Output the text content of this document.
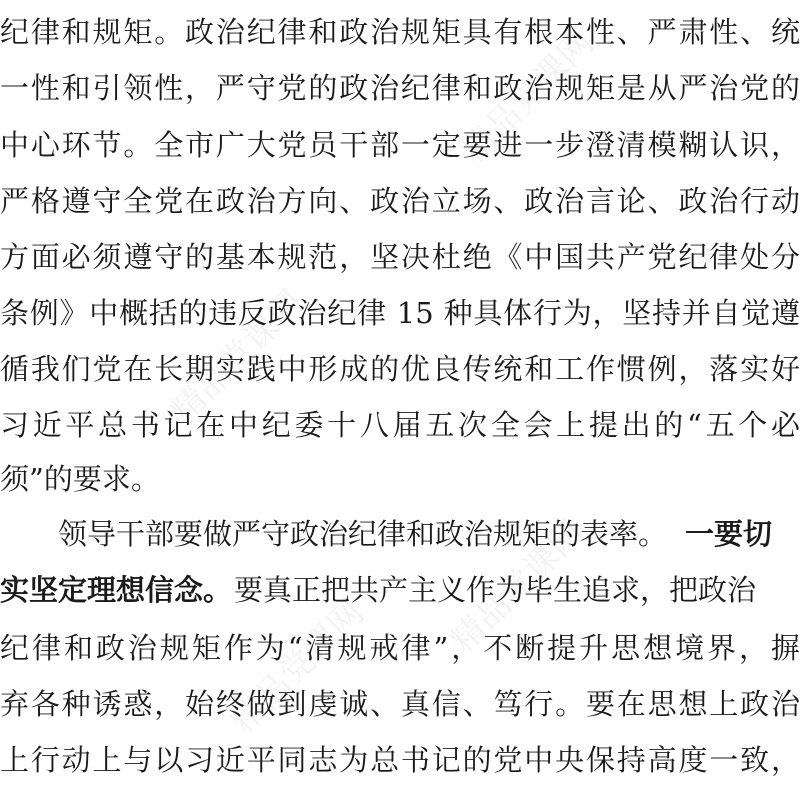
精品党课网
精品党课网
精品党课网
精品党课网
纪律和规矩。政治纪律和政治规矩具有根本性、严肃性、统
一性和引领性，严守党的政治纪律和政治规矩是从严治党的
中心环节。全市广大党员干部一定要进一步澄清模糊认识，
严格遵守全党在政治方向、政治立场、政治言论、政治行动
方面必须遵守的基本规范，坚决杜绝《中国共产党纪律处分
条例》中概括的违反政治纪律 15 种具体行为，坚持并自觉遵
循我们党在长期实践中形成的优良传统和工作惯例，落实好
习近平总书记在中纪委十八届五次全会上提出的“五个必
须”的要求。
领导干部要做严守政治纪律和政治规矩的表率。 一要切
实坚定理想信念。 要真正把共产主义作为毕生追求，把政治
纪律和政治规矩作为“清规戒律”，不断提升思想境界，摒
弃各种诱惑，始终做到虔诚、真信、笃行。要在思想上政治
上行动上与以习近平同志为总书记的党中央保持高度一致，
